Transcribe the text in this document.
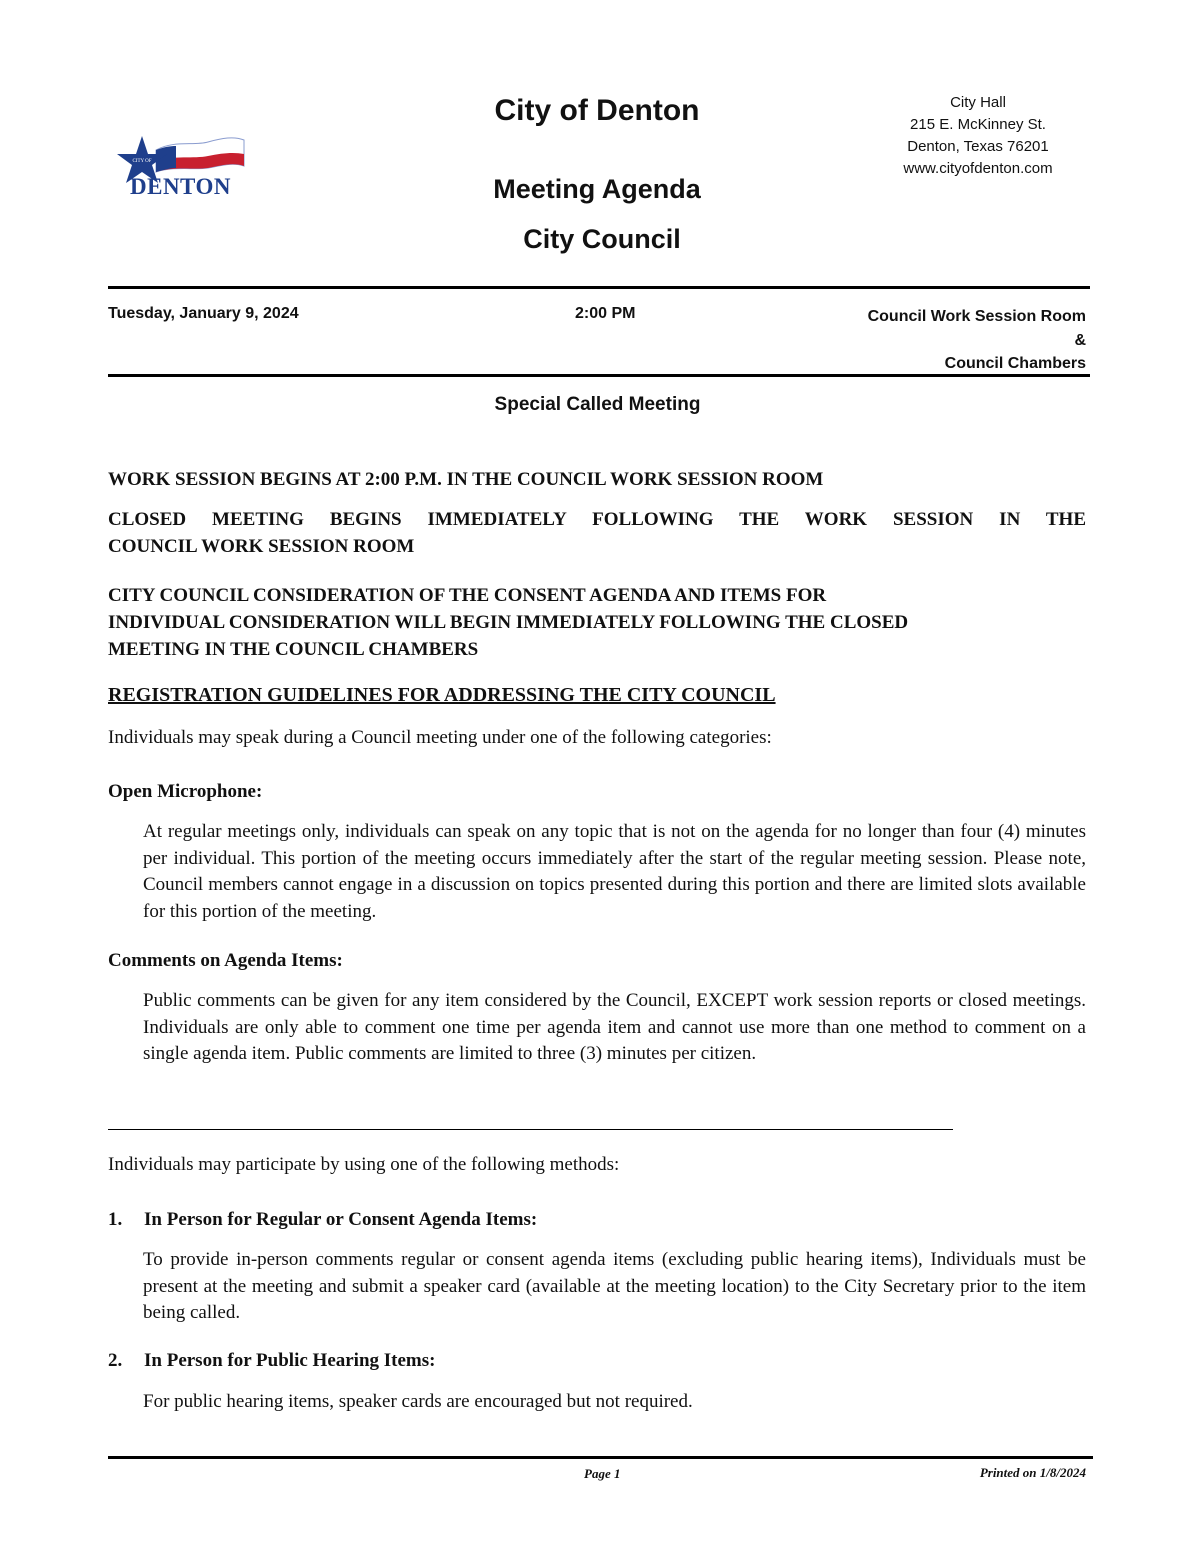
CITY OF
DENTON
City of Denton
Meeting Agenda
City Council
City Hall
215 E. McKinney St.
Denton, Texas 76201
www.cityofdenton.com
Tuesday, January 9, 2024	2:00 PM	Council Work Session Room
&
Council Chambers
Special Called Meeting
WORK SESSION BEGINS AT 2:00 P.M. IN THE COUNCIL WORK SESSION ROOM
CLOSED MEETING BEGINS IMMEDIATELY FOLLOWING THE WORK SESSION IN THE
COUNCIL WORK SESSION ROOM
CITY COUNCIL CONSIDERATION OF THE CONSENT AGENDA AND ITEMS FOR
INDIVIDUAL CONSIDERATION WILL BEGIN IMMEDIATELY FOLLOWING THE CLOSED
MEETING IN THE COUNCIL CHAMBERS
REGISTRATION GUIDELINES FOR ADDRESSING THE CITY COUNCIL
Individuals may speak during a Council meeting under one of the following categories:
Open Microphone:
At regular meetings only, individuals can speak on any topic that is not on the agenda for no longer than four (4) minutes per individual. This portion of the meeting occurs immediately after the start of the regular meeting session. Please note, Council members cannot engage in a discussion on topics presented during this portion and there are limited slots available for this portion of the meeting.
Comments on Agenda Items:
Public comments can be given for any item considered by the Council, EXCEPT work session reports or closed meetings. Individuals are only able to comment one time per agenda item and cannot use more than one method to comment on a single agenda item. Public comments are limited to three (3) minutes per citizen.
Individuals may participate by using one of the following methods:
1. In Person for Regular or Consent Agenda Items:
To provide in-person comments regular or consent agenda items (excluding public hearing items), Individuals must be present at the meeting and submit a speaker card (available at the meeting location) to the City Secretary prior to the item being called.
2. In Person for Public Hearing Items:
For public hearing items, speaker cards are encouraged but not required.
Page 1	Printed on 1/8/2024
